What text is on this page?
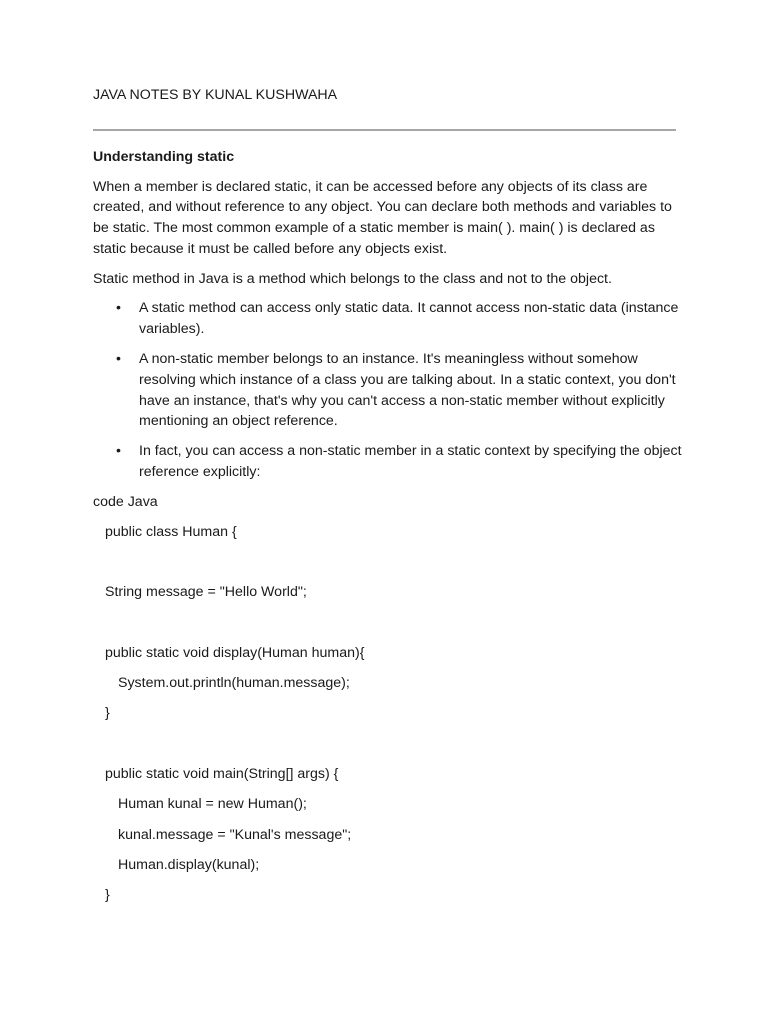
JAVA NOTES BY KUNAL KUSHWAHA
Understanding static

When a member is declared static, it can be accessed before any objects of its class are created, and without reference to any object. You can declare both methods and variables to be static. The most common example of a static member is main( ). main( ) is declared as static because it must be called before any objects exist.

Static method in Java is a method which belongs to the class and not to the object.

• A static method can access only static data. It cannot access non-static data (instance variables).
• A non-static member belongs to an instance. It's meaningless without somehow resolving which instance of a class you are talking about. In a static context, you don't have an instance, that's why you can't access a non-static member without explicitly mentioning an object reference.
• In fact, you can access a non-static member in a static context by specifying the object reference explicitly:
code Java
public class Human {
String message = "Hello World";
public static void display(Human human){
System.out.println(human.message);
}
public static void main(String[] args) {
Human kunal = new Human();
kunal.message = "Kunal's message";
Human.display(kunal);
}
